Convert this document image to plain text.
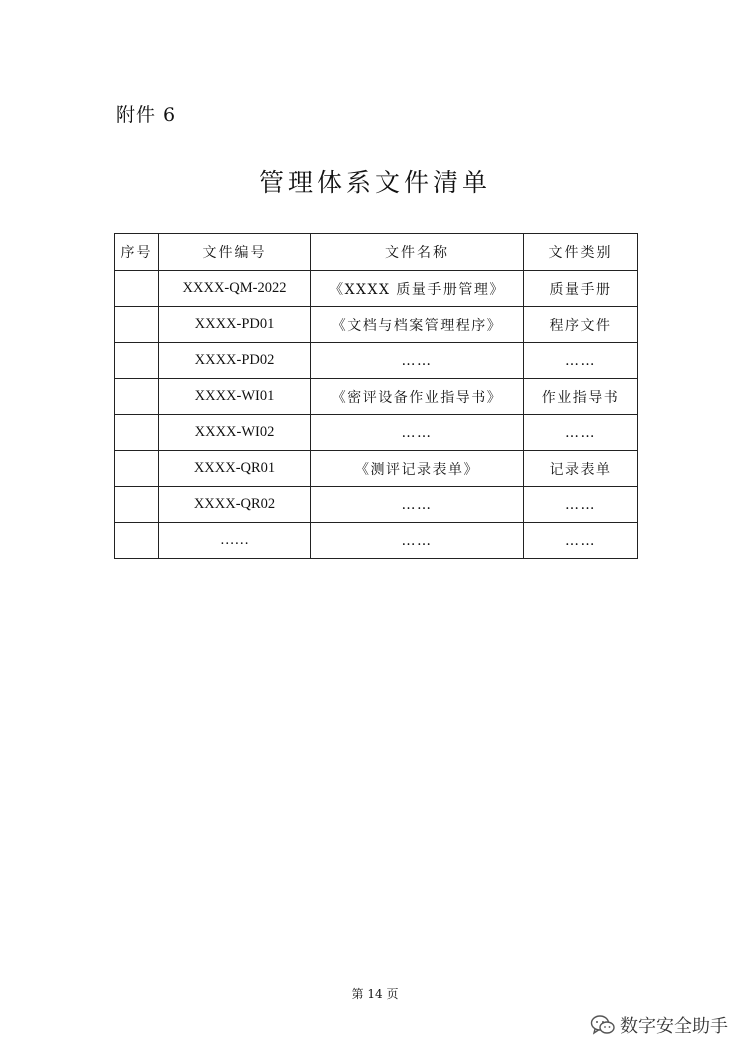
附件 6
管理体系文件清单
序号	文件编号	文件名称	文件类别
	XXXX-QM-2022	《XXXX 质量手册管理》	质量手册
	XXXX-PD01	《文档与档案管理程序》	程序文件
	XXXX-PD02	……	……
	XXXX-WI01	《密评设备作业指导书》	作业指导书
	XXXX-WI02	……	……
	XXXX-QR01	《测评记录表单》	记录表单
	XXXX-QR02	……	……
	……	……	……
第 14 页
数字安全助手
